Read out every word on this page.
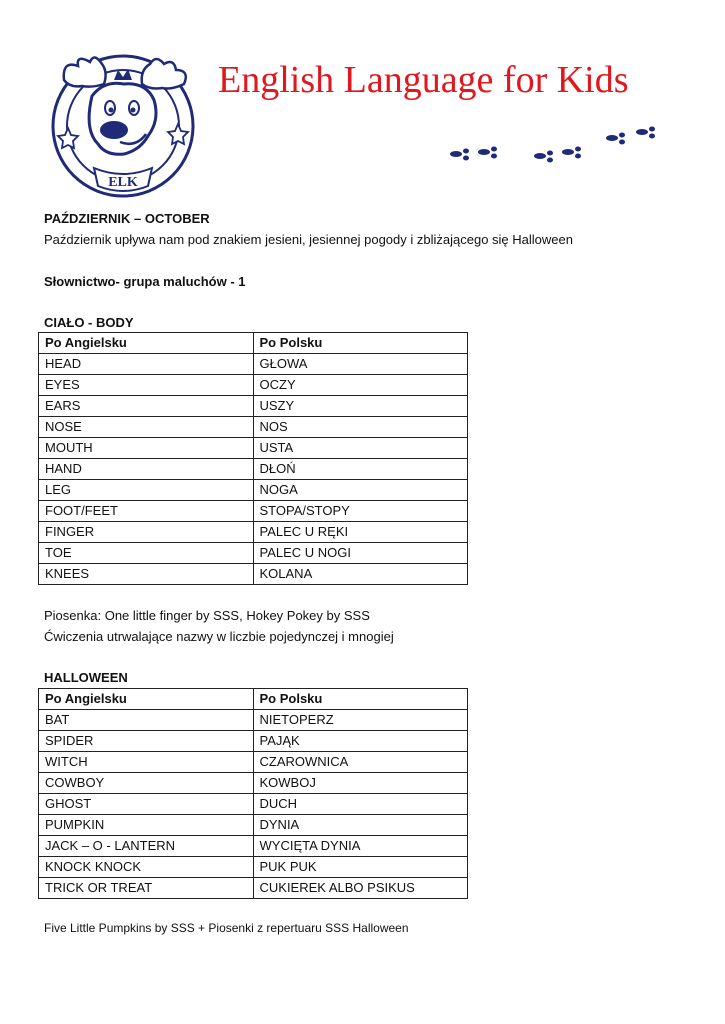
ELK
English Language for Kids
PAŹDZIERNIK – OCTOBER
Październik upływa nam pod znakiem jesieni, jesiennej pogody i zbliżającego się Halloween
Słownictwo- grupa maluchów - 1
CIAŁO - BODY
Po Angielsku	Po Polsku
HEAD	GŁOWA
EYES	OCZY
EARS	USZY
NOSE	NOS
MOUTH	USTA
HAND	DŁOŃ
LEG	NOGA
FOOT/FEET	STOPA/STOPY
FINGER	PALEC U RĘKI
TOE	PALEC U NOGI
KNEES	KOLANA
Piosenka: One little finger by SSS, Hokey Pokey by SSS
Ćwiczenia utrwalające nazwy w liczbie pojedynczej i mnogiej
HALLOWEEN
Po Angielsku	Po Polsku
BAT	NIETOPERZ
SPIDER	PAJĄK
WITCH	CZAROWNICA
COWBOY	KOWBOJ
GHOST	DUCH
PUMPKIN	DYNIA
JACK – O - LANTERN	WYCIĘTA DYNIA
KNOCK KNOCK	PUK PUK
TRICK OR TREAT	CUKIEREK ALBO PSIKUS
Five Little Pumpkins by SSS + Piosenki z repertuaru SSS Halloween
